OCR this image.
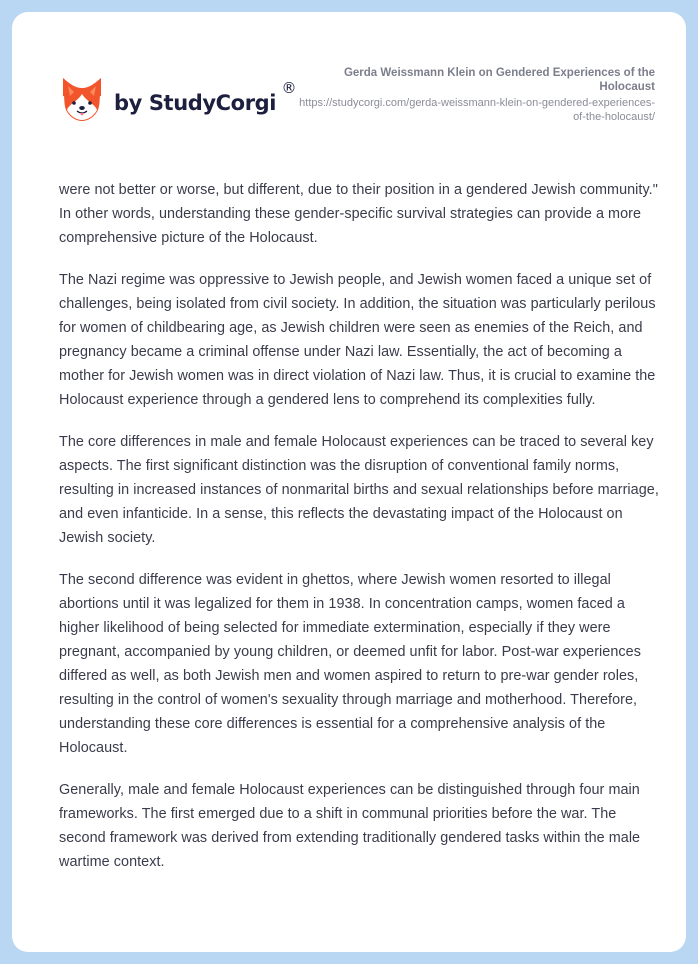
by StudyCorgi
®
Gerda Weissmann Klein on Gendered Experiences of the Holocaust
https://studycorgi.com/gerda-weissmann-klein-on-gendered-experiences-of-the-holocaust/

were not better or worse, but different, due to their position in a gendered Jewish community." In other words, understanding these gender-specific survival strategies can provide a more comprehensive picture of the Holocaust.

The Nazi regime was oppressive to Jewish people, and Jewish women faced a unique set of challenges, being isolated from civil society. In addition, the situation was particularly perilous for women of childbearing age, as Jewish children were seen as enemies of the Reich, and pregnancy became a criminal offense under Nazi law. Essentially, the act of becoming a mother for Jewish women was in direct violation of Nazi law. Thus, it is crucial to examine the Holocaust experience through a gendered lens to comprehend its complexities fully.

The core differences in male and female Holocaust experiences can be traced to several key aspects. The first significant distinction was the disruption of conventional family norms, resulting in increased instances of nonmarital births and sexual relationships before marriage, and even infanticide. In a sense, this reflects the devastating impact of the Holocaust on Jewish society.

The second difference was evident in ghettos, where Jewish women resorted to illegal abortions until it was legalized for them in 1938. In concentration camps, women faced a higher likelihood of being selected for immediate extermination, especially if they were pregnant, accompanied by young children, or deemed unfit for labor. Post-war experiences differed as well, as both Jewish men and women aspired to return to pre-war gender roles, resulting in the control of women's sexuality through marriage and motherhood. Therefore, understanding these core differences is essential for a comprehensive analysis of the Holocaust.

Generally, male and female Holocaust experiences can be distinguished through four main frameworks. The first emerged due to a shift in communal priorities before the war. The second framework was derived from extending traditionally gendered tasks within the male wartime context.
